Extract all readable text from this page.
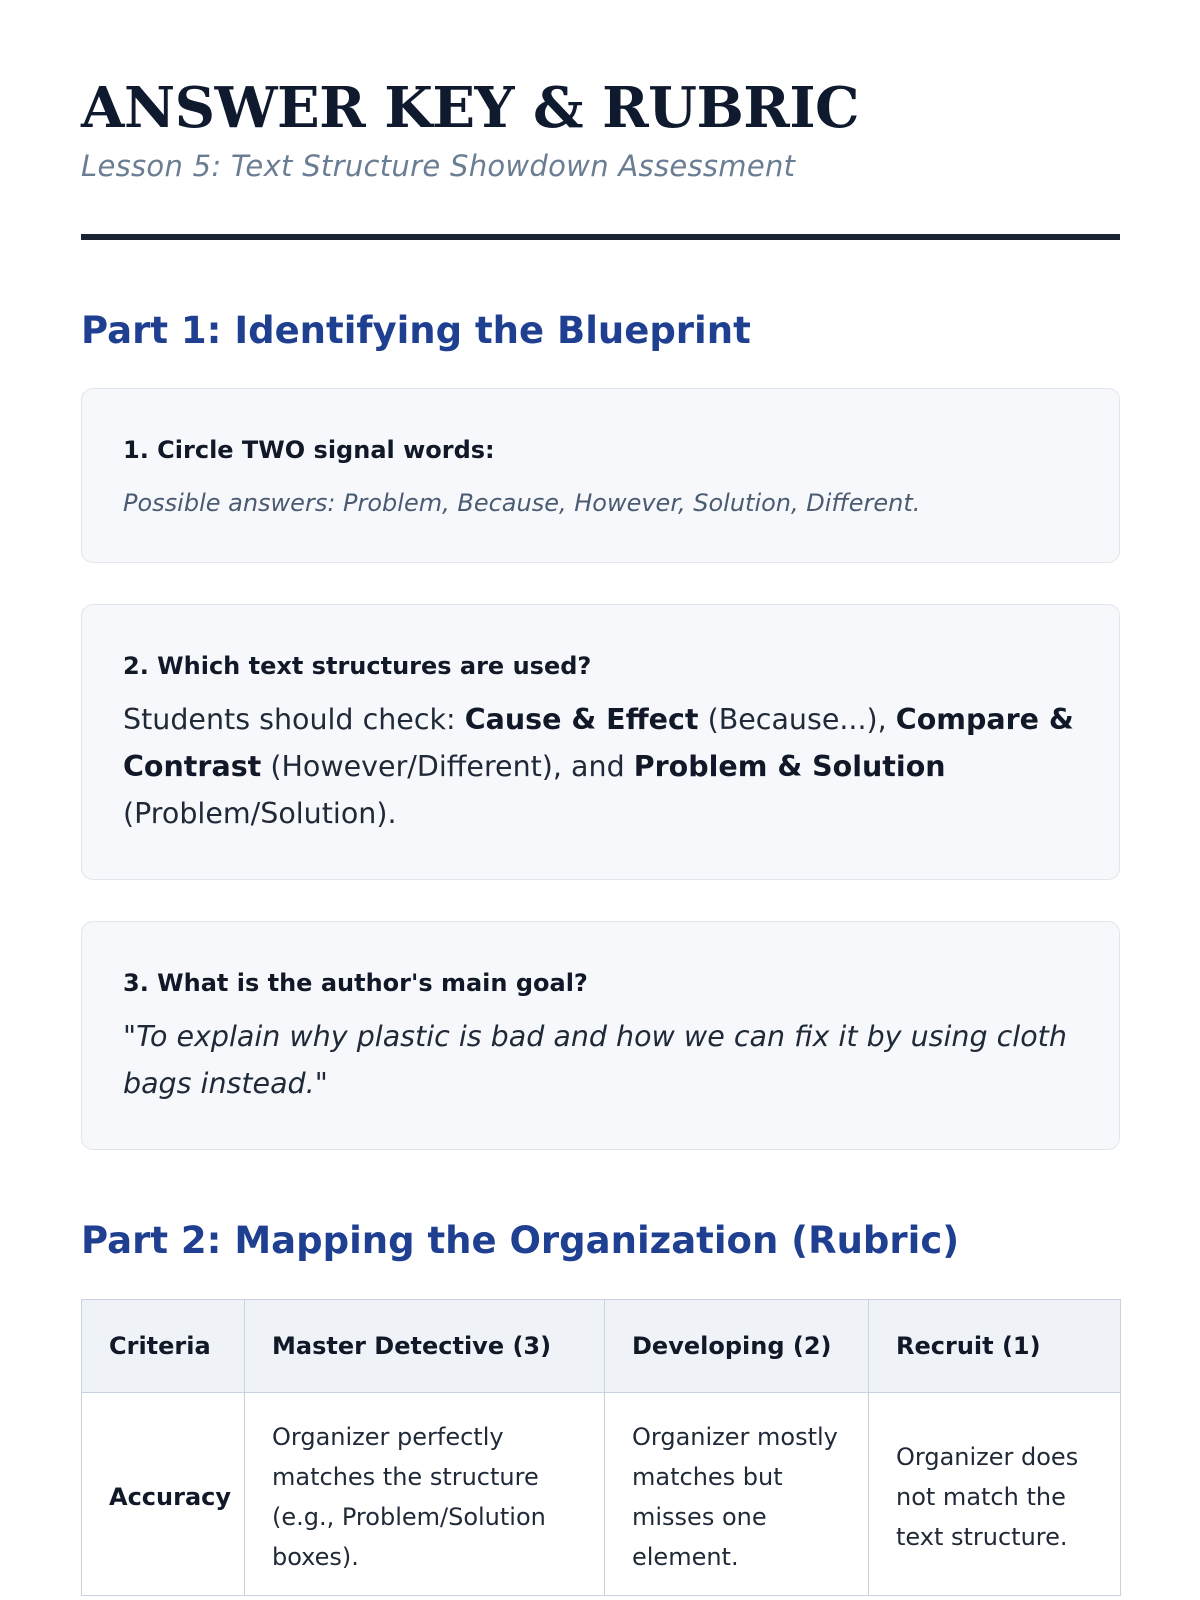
ANSWER KEY & RUBRIC

Lesson 5: Text Structure Showdown Assessment

Part 1: Identifying the Blueprint

1. Circle TWO signal words:

Possible answers: Problem, Because, However, Solution, Different.

2. Which text structures are used?

Students should check: Cause & Effect (Because...), Compare & Contrast (However/Different), and Problem & Solution (Problem/Solution).

3. What is the author's main goal?

"To explain why plastic is bad and how we can fix it by using cloth bags instead."

Part 2: Mapping the Organization (Rubric)
Criteria	Master Detective (3)	Developing (2)	Recruit (1)
Accuracy	Organizer perfectly matches the structure (e.g., Problem/Solution boxes).	Organizer mostly matches but misses one element.	Organizer does not match the text structure.
